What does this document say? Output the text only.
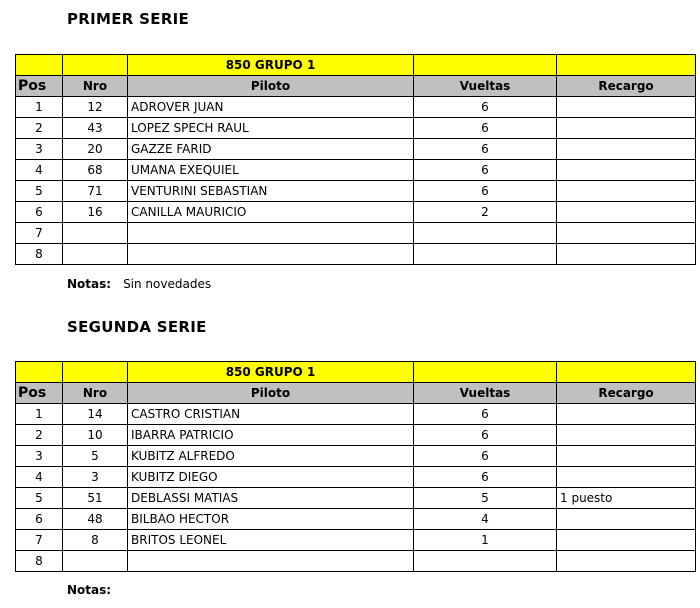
PRIMER SERIE
		850 GRUPO 1		
Pos	Nro	Piloto	Vueltas	Recargo
1	12	ADROVER JUAN	6	
2	43	LOPEZ SPECH RAUL	6	
3	20	GAZZE FARID	6	
4	68	UMANA EXEQUIEL	6	
5	71	VENTURINI SEBASTIAN	6	
6	16	CANILLA MAURICIO	2	
7				
8				
Notas: Sin novedades
SEGUNDA SERIE
		850 GRUPO 1		
Pos	Nro	Piloto	Vueltas	Recargo
1	14	CASTRO CRISTIAN	6	
2	10	IBARRA PATRICIO	6	
3	5	KUBITZ ALFREDO	6	
4	3	KUBITZ DIEGO	6	
5	51	DEBLASSI MATIAS	5	1 puesto
6	48	BILBAO HECTOR	4	
7	8	BRITOS LEONEL	1	
8				
Notas:
